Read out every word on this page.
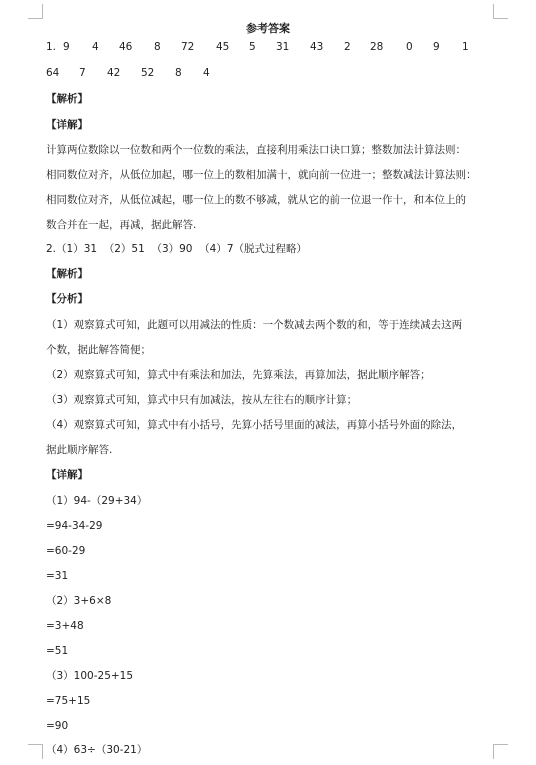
参考答案
1. 9 4 46 8 72 45 5 31 43 2 28 0 9 1
64 7 42 52 8 4
【解析】
【详解】
计算两位数除以一位数和两个一位数的乘法，直接利用乘法口诀口算；整数加法计算法则：
相同数位对齐，从低位加起，哪一位上的数相加满十，就向前一位进一；整数减法计算法则：
相同数位对齐，从低位减起，哪一位上的数不够减，就从它的前一位退一作十，和本位上的
数合并在一起，再减，据此解答.
2.（1）31  （2）51  （3）90  （4）7（脱式过程略）
【解析】
【分析】
（1）观察算式可知，此题可以用减法的性质：一个数减去两个数的和，等于连续减去这两
个数，据此解答简便；
（2）观察算式可知，算式中有乘法和加法，先算乘法，再算加法，据此顺序解答；
（3）观察算式可知，算式中只有加减法，按从左往右的顺序计算；
（4）观察算式可知，算式中有小括号，先算小括号里面的减法，再算小括号外面的除法，
据此顺序解答.
【详解】
（1）94-（29+34）
=94-34-29
=60-29
=31
（2）3+6×8
=3+48
=51
（3）100-25+15
=75+15
=90
（4）63÷（30-21）
